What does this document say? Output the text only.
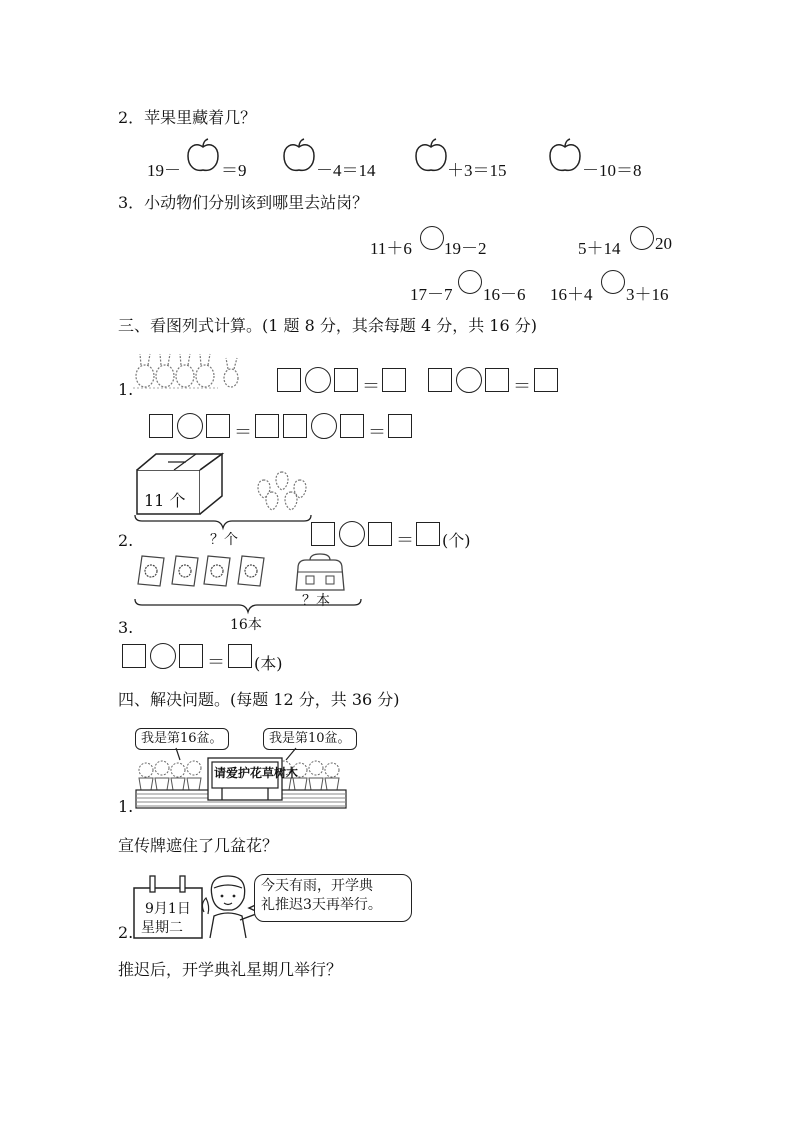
2．苹果里藏着几？
19－ ＝9	－4＝14	＋3＝15	－10＝8
3．小动物们分别该到哪里去站岗？
11＋6 19－2	5＋14 20
17－7 16－6 16＋4 3＋16
三、看图列式计算。(1 题 8 分，其余每题 4 分，共 16 分)
1.	＝	＝
＝	＝
11 个
？个
2.	＝ (个)
？本
16本
3.
＝ (本)
四、解决问题。(每题 12 分，共 36 分)
我是第16盆。	我是第10盆。
请爱护花草树木
1.
宣传牌遮住了几盆花？
9月1日
星期二
今天有雨，开学典
礼推迟3天再举行。
2.
推迟后，开学典礼星期几举行？
